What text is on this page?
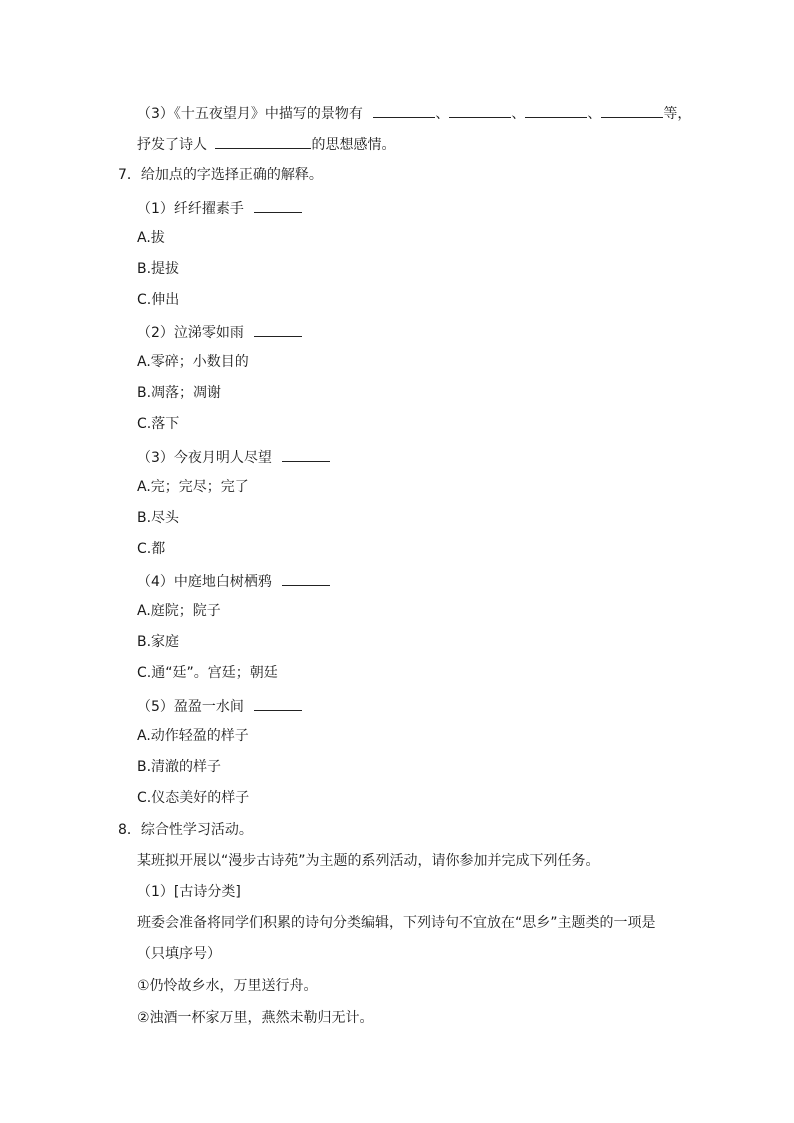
（3）《十五夜望月》中描写的景物有	、	、	、	等，
抒发了诗人	的思想感情。
7．给加点的字选择正确的解释。
（1）纤纤擢素手
A.拔
B.提拔
C.伸出
（2）泣涕零如雨
A.零碎；小数目的
B.凋落；凋谢
C.落下
（3）今夜月明人尽望
A.完；完尽；完了
B.尽头
C.都
（4）中庭地白树栖鸦
A.庭院；院子
B.家庭
C.通“廷”。宫廷；朝廷
（5）盈盈一水间
A.动作轻盈的样子
B.清澈的样子
C.仪态美好的样子
8．综合性学习活动。
某班拟开展以“漫步古诗苑”为主题的系列活动，请你参加并完成下列任务。
（1）[古诗分类]
班委会准备将同学们积累的诗句分类编辑，下列诗句不宜放在“思乡”主题类的一项是
（只填序号）
①仍怜故乡水，万里送行舟。
②浊酒一杯家万里，燕然未勒归无计。
